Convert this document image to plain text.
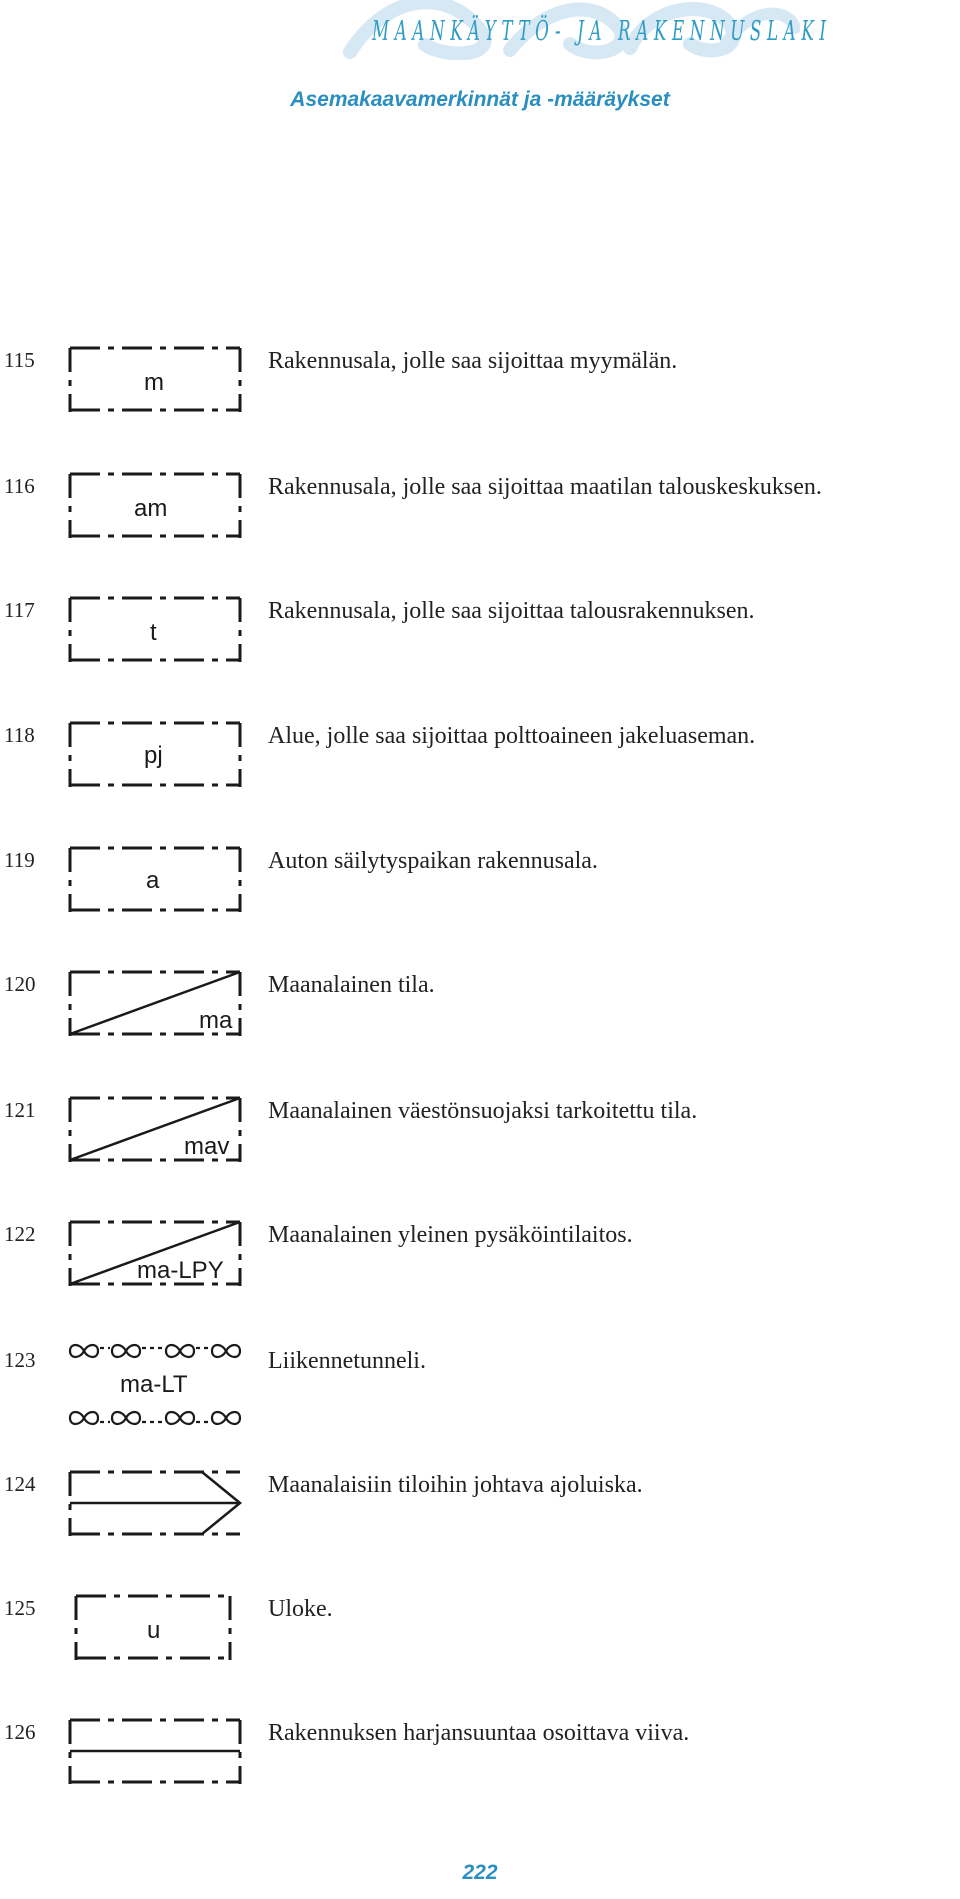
MAANKÄYTTÖ- JA RAKENNUSLAKI
Asemakaavamerkinnät ja -määräykset
115
m
Rakennusala, jolle saa sijoittaa myymälän.
116
am
Rakennusala, jolle saa sijoittaa maatilan talouskeskuksen.
117
t
Rakennusala, jolle saa sijoittaa talousrakennuksen.
118
pj
Alue, jolle saa sijoittaa polttoaineen jakeluaseman.
119
a
Auton säilytyspaikan rakennusala.
120
ma
Maanalainen tila.
121
mav
Maanalainen väestönsuojaksi tarkoitettu tila.
122
ma-LPY
Maanalainen yleinen pysäköintilaitos.
123
ma-LT
Liikennetunneli.
124	Maanalaisiin tiloihin johtava ajoluiska.
125
u
Uloke.
126	Rakennuksen harjansuuntaa osoittava viiva.
222
